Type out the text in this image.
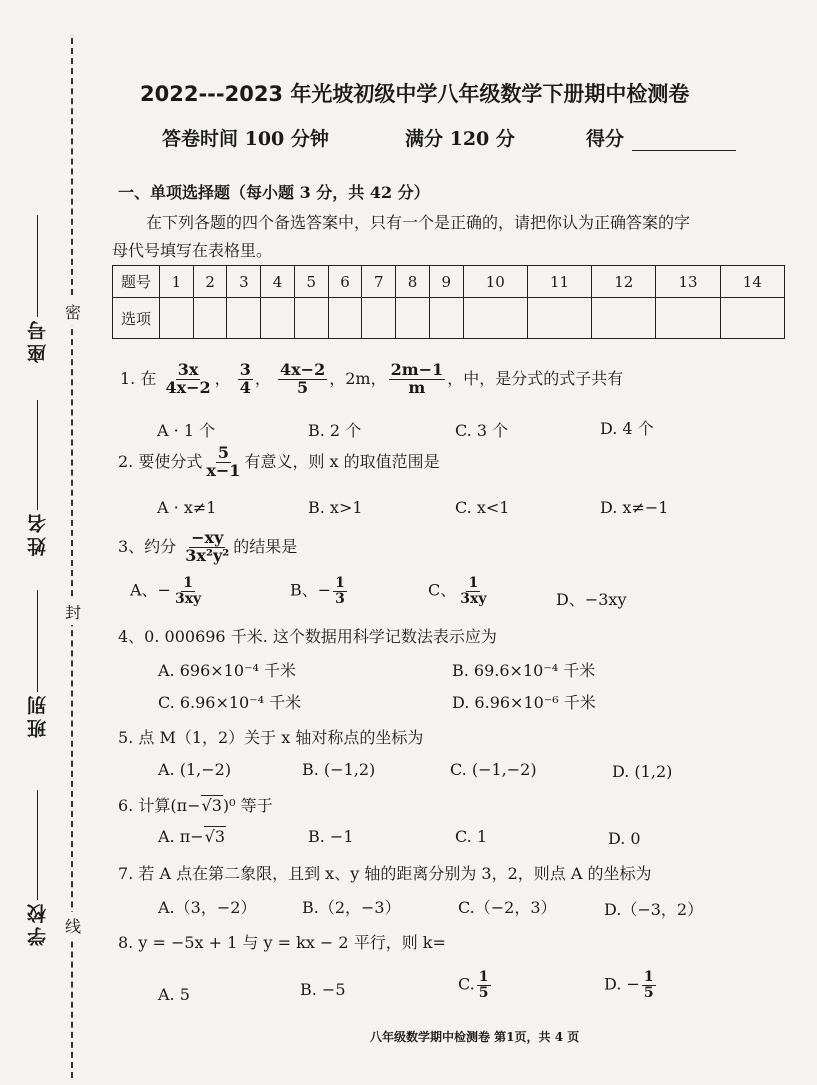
密
封
线
座号
姓名
班别
学校
2022---2023 年光坡初级中学八年级数学下册期中检测卷
答卷时间 100 分钟	满分 120 分	得分
一、单项选择题（每小题 3 分，共 42 分）
在下列各题的四个备选答案中，只有一个是正确的，请把你认为正确答案的字
母代号填写在表格里。
题号	1	2	3	4	5	6	7	8	9	10	11	12	13	14
选项														
1. 在 $\frac{3x}{4x-2}$ ， $\frac{3}{4}$ ， $\frac{4x-2}{5}$ ，2m， $\frac{2m-1}{m}$ ，中，是分式的式子共有
A · 1 个	B. 2 个	C. 3 个	D. 4 个
2. 要使分式 $\frac{5}{x-1}$ 有意义，则 x 的取值范围是
A · x≠1	B. x>1	C. x<1	D. x≠−1
3、约分 $\frac{-xy}{\text{3x²y²}}$ 的结果是
A、− $\frac{1}{3xy}$	B、− $\frac{1}{3}$	C、 $\frac{1}{3xy}$	D、−3xy
4、0. 000696 千米. 这个数据用科学记数法表示应为
A. 696×10⁻⁴ 千米	B. 69.6×10⁻⁴ 千米
C. 6.96×10⁻⁴ 千米	D. 6.96×10⁻⁶ 千米
5. 点 M（1，2）关于 x 轴对称点的坐标为
A. (1,−2)	B. (−1,2)	C. (−1,−2)	D. (1,2)
6. 计算(π−√3)⁰ 等于
A. π−√3	B. −1	C. 1	D. 0
7. 若 A 点在第二象限，且到 x、y 轴的距离分别为 3，2，则点 A 的坐标为
A.（3，−2）	B.（2，−3）	C.（−2，3）	D.（−3，2）
8. y = −5x + 1 与 y = kx − 2 平行，则 k=
A. 5	B. −5	C. $\frac{1}{5}$	D. − $\frac{1}{5}$
八年级数学期中检测卷 第1页，共 4 页
